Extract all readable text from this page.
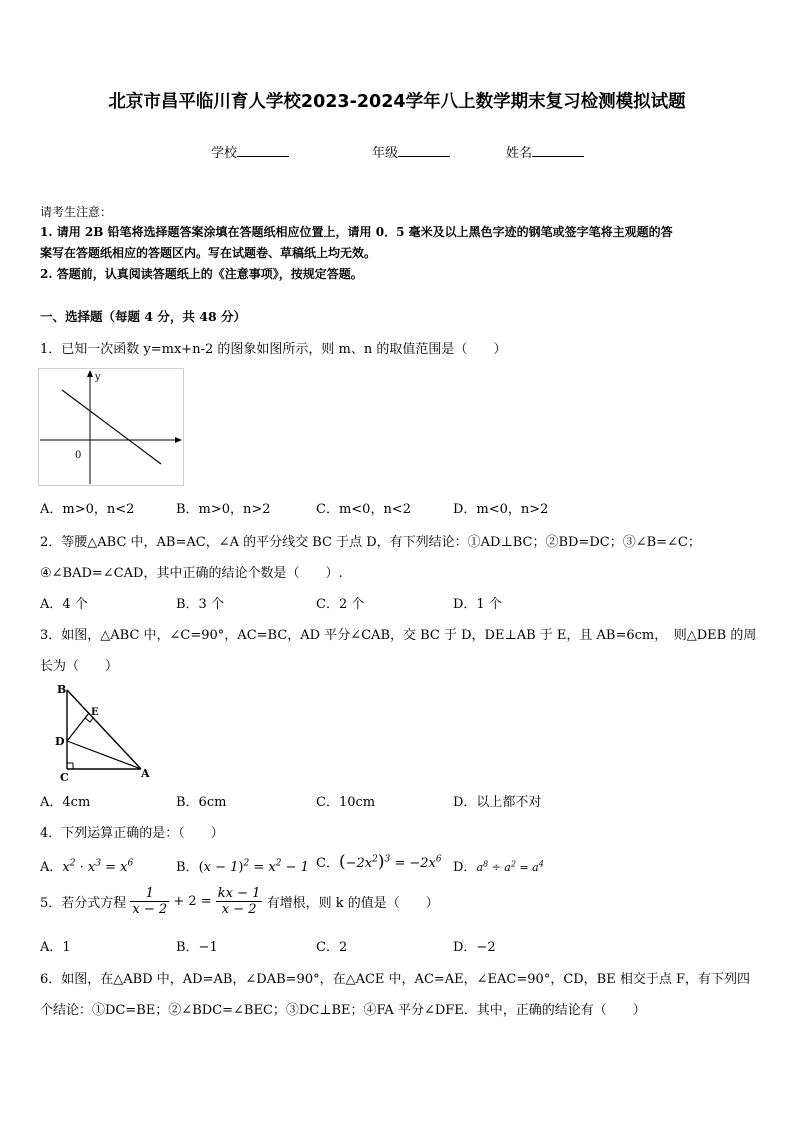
北京市昌平临川育人学校2023-2024学年八上数学期末复习检测模拟试题
学校	年级	姓名
请考生注意：
1. 请用 2B 铅笔将选择题答案涂填在答题纸相应位置上，请用 0．5 毫米及以上黑色字迹的钢笔或签字笔将主观题的答
案写在答题纸相应的答题区内。写在试题卷、草稿纸上均无效。
2. 答题前，认真阅读答题纸上的《注意事项》，按规定答题。
一、选择题（每题 4 分，共 48 分）
1．已知一次函数 y=mx+n-2 的图象如图所示，则 m、n 的取值范围是（　　）
y
0
A．m>0，n<2	B．m>0，n>2	C．m<0，n<2	D．m<0，n>2
2．等腰△ABC 中，AB=AC，∠A 的平分线交 BC 于点 D，有下列结论：①AD⊥BC；②BD=DC；③∠B=∠C；
④∠BAD=∠CAD，其中正确的结论个数是（　　）.
A．4 个	B．3 个	C．2 个	D．1 个
3．如图，△ABC 中，∠C=90°，AC=BC，AD 平分∠CAB，交 BC 于 D，DE⊥AB 于 E，且 AB=6cm，　则△DEB 的周
长为（　　）
B
E
D
C	A
A．4cm	B．6cm	C．10cm	D．以上都不对
4．下列运算正确的是：（　　）
A．$x^2 \cdot x^3 = x^6$	B．$(x - 1)^2 = x^2 - 1$ C．$(-2x^2)^3 = -2x^6$
D．$a^8 \div a^2 = a^4$
5．若分式方程 $\frac{1}{x - 2} + 2 = \frac{kx - 1}{x - 2}$ 有增根，则 k 的值是（　　）
A．1	B．−1	C．2	D．−2
6．如图，在△ABD 中，AD=AB，∠DAB=90°，在△ACE 中，AC=AE，∠EAC=90°，CD，BE 相交于点 F，有下列四
个结论：①DC=BE；②∠BDC=∠BEC；③DC⊥BE；④FA 平分∠DFE．其中，正确的结论有（　　）
